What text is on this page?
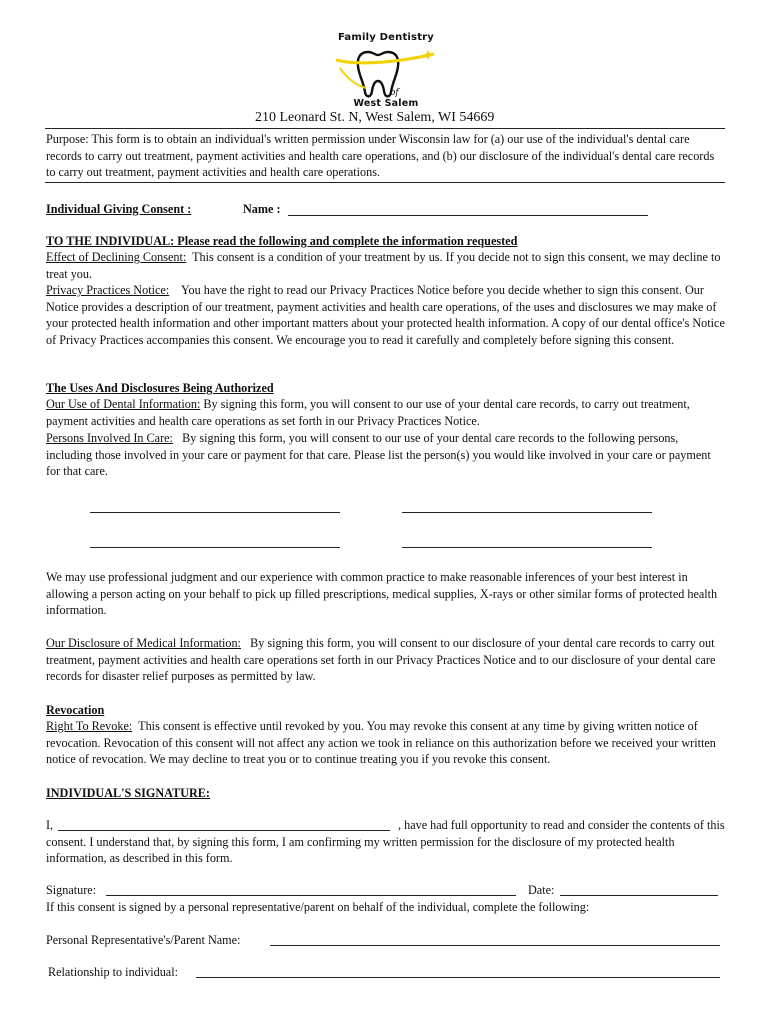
Family Dentistry
of
West Salem
210 Leonard St. N, West Salem, WI 54669

Purpose: This form is to obtain an individual's written permission under Wisconsin law for (a) our use of the individual's dental care records to carry out treatment, payment activities and health care operations, and (b) our disclosure of the individual's dental care records to carry out treatment, payment activities and health care operations.

Individual Giving Consent :	Name :
TO THE INDIVIDUAL: Please read the following and complete the information requested

Effect of Declining Consent: This consent is a condition of your treatment by us. If you decide not to sign this consent, we may decline to treat you.

Privacy Practices Notice: You have the right to read our Privacy Practices Notice before you decide whether to sign this consent. Our Notice provides a description of our treatment, payment activities and health care operations, of the uses and disclosures we may make of your protected health information and other important matters about your protected health information. A copy of our dental office's Notice of Privacy Practices accompanies this consent. We encourage you to read it carefully and completely before signing this consent.

The Uses And Disclosures Being Authorized

Our Use of Dental Information: By signing this form, you will consent to our use of your dental care records, to carry out treatment, payment activities and health care operations as set forth in our Privacy Practices Notice.

Persons Involved In Care: By signing this form, you will consent to our use of your dental care records to the following persons, including those involved in your care or payment for that care. Please list the person(s) you would like involved in your care or payment for that care.

We may use professional judgment and our experience with common practice to make reasonable inferences of your best interest in allowing a person acting on your behalf to pick up filled prescriptions, medical supplies, X-rays or other similar forms of protected health information.

Our Disclosure of Medical Information: By signing this form, you will consent to our disclosure of your dental care records to carry out treatment, payment activities and health care operations set forth in our Privacy Practices Notice and to our disclosure of your dental care records for disaster relief purposes as permitted by law.

Revocation

Right To Revoke: This consent is effective until revoked by you. You may revoke this consent at any time by giving written notice of revocation. Revocation of this consent will not affect any action we took in reliance on this authorization before we received your written notice of revocation. We may decline to treat you or to continue treating you if you revoke this consent.

INDIVIDUAL'S SIGNATURE:
I,	, have had full opportunity to read and consider the contents of this consent. I understand that, by signing this form, I am confirming my written permission for the disclosure of my protected health information, as described in this form.

Signature:	Date:
If this consent is signed by a personal representative/parent on behalf of the individual, complete the following:
Personal Representative's/Parent Name:
Relationship to individual:
